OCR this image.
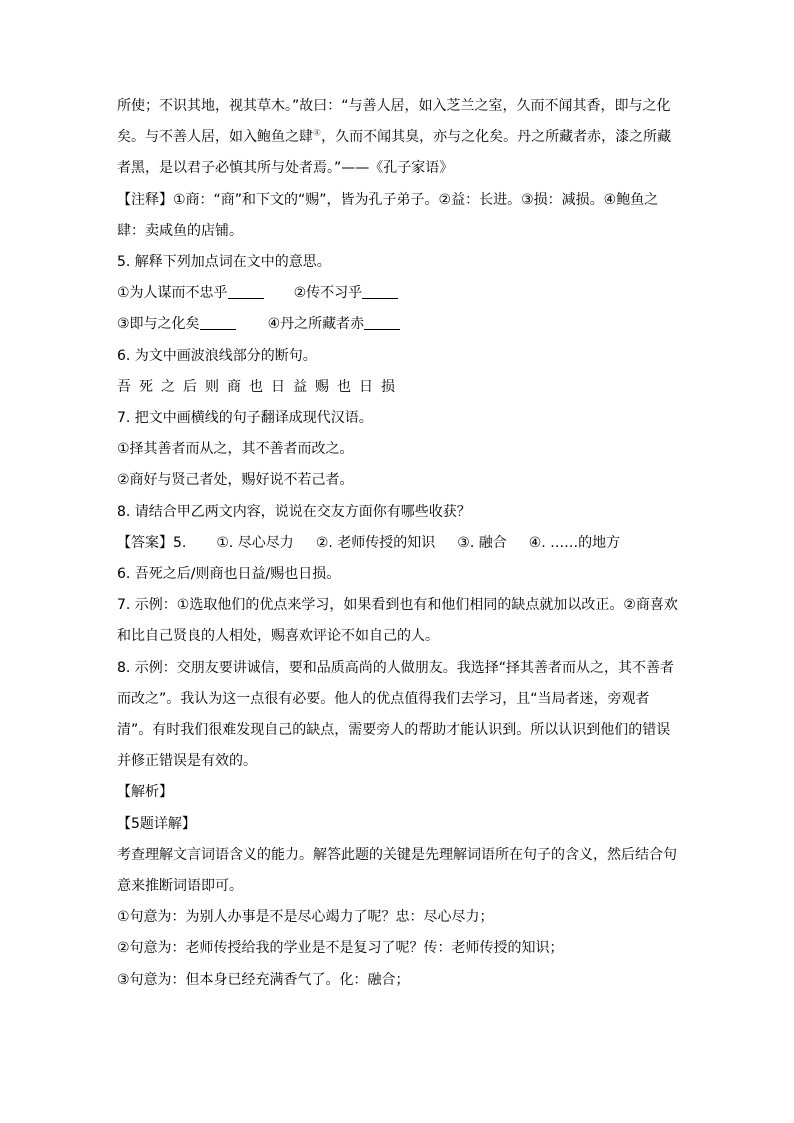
所使；不识其地，视其草木。”故曰：“与善人居，如入芝兰之室，久而不闻其香，即与之化矣。与不善人居，如入鲍鱼之肆④，久而不闻其臭，亦与之化矣。丹之所藏者赤，漆之所藏者黑，是以君子必慎其所与处者焉。”——《孔子家语》

【注释】①商：“商”和下文的“赐”，皆为孔子弟子。②益：长进。③损：减损。④鲍鱼之肆：卖咸鱼的店铺。

5. 解释下列加点词在文中的意思。

①为人谋而不忠乎	②传不习乎

③即与之化矣	④丹之所藏者赤

6. 为文中画波浪线部分的断句。

吾死之后则商也日益赐也日损

7. 把文中画横线的句子翻译成现代汉语。

①择其善者而从之，其不善者而改之。

②商好与贤己者处，赐好说不若己者。

8. 请结合甲乙两文内容，说说在交友方面你有哪些收获？

【答案】5. ①. 尽心尽力 ②. 老师传授的知识 ③. 融合 ④. ……的地方

6. 吾死之后/则商也日益/赐也日损。

7. 示例：①选取他们的优点来学习，如果看到也有和他们相同的缺点就加以改正。②商喜欢和比自己贤良的人相处，赐喜欢评论不如自己的人。

8. 示例：交朋友要讲诚信，要和品质高尚的人做朋友。我选择“择其善者而从之，其不善者而改之”。我认为这一点很有必要。他人的优点值得我们去学习，且“当局者迷，旁观者清”。有时我们很难发现自己的缺点，需要旁人的帮助才能认识到。所以认识到他们的错误并修正错误是有效的。

【解析】

【5题详解】

考查理解文言词语含义的能力。解答此题的关键是先理解词语所在句子的含义，然后结合句意来推断词语即可。

①句意为：为别人办事是不是尽心竭力了呢？忠：尽心尽力；

②句意为：老师传授给我的学业是不是复习了呢？传：老师传授的知识；

③句意为：但本身已经充满香气了。化：融合；
